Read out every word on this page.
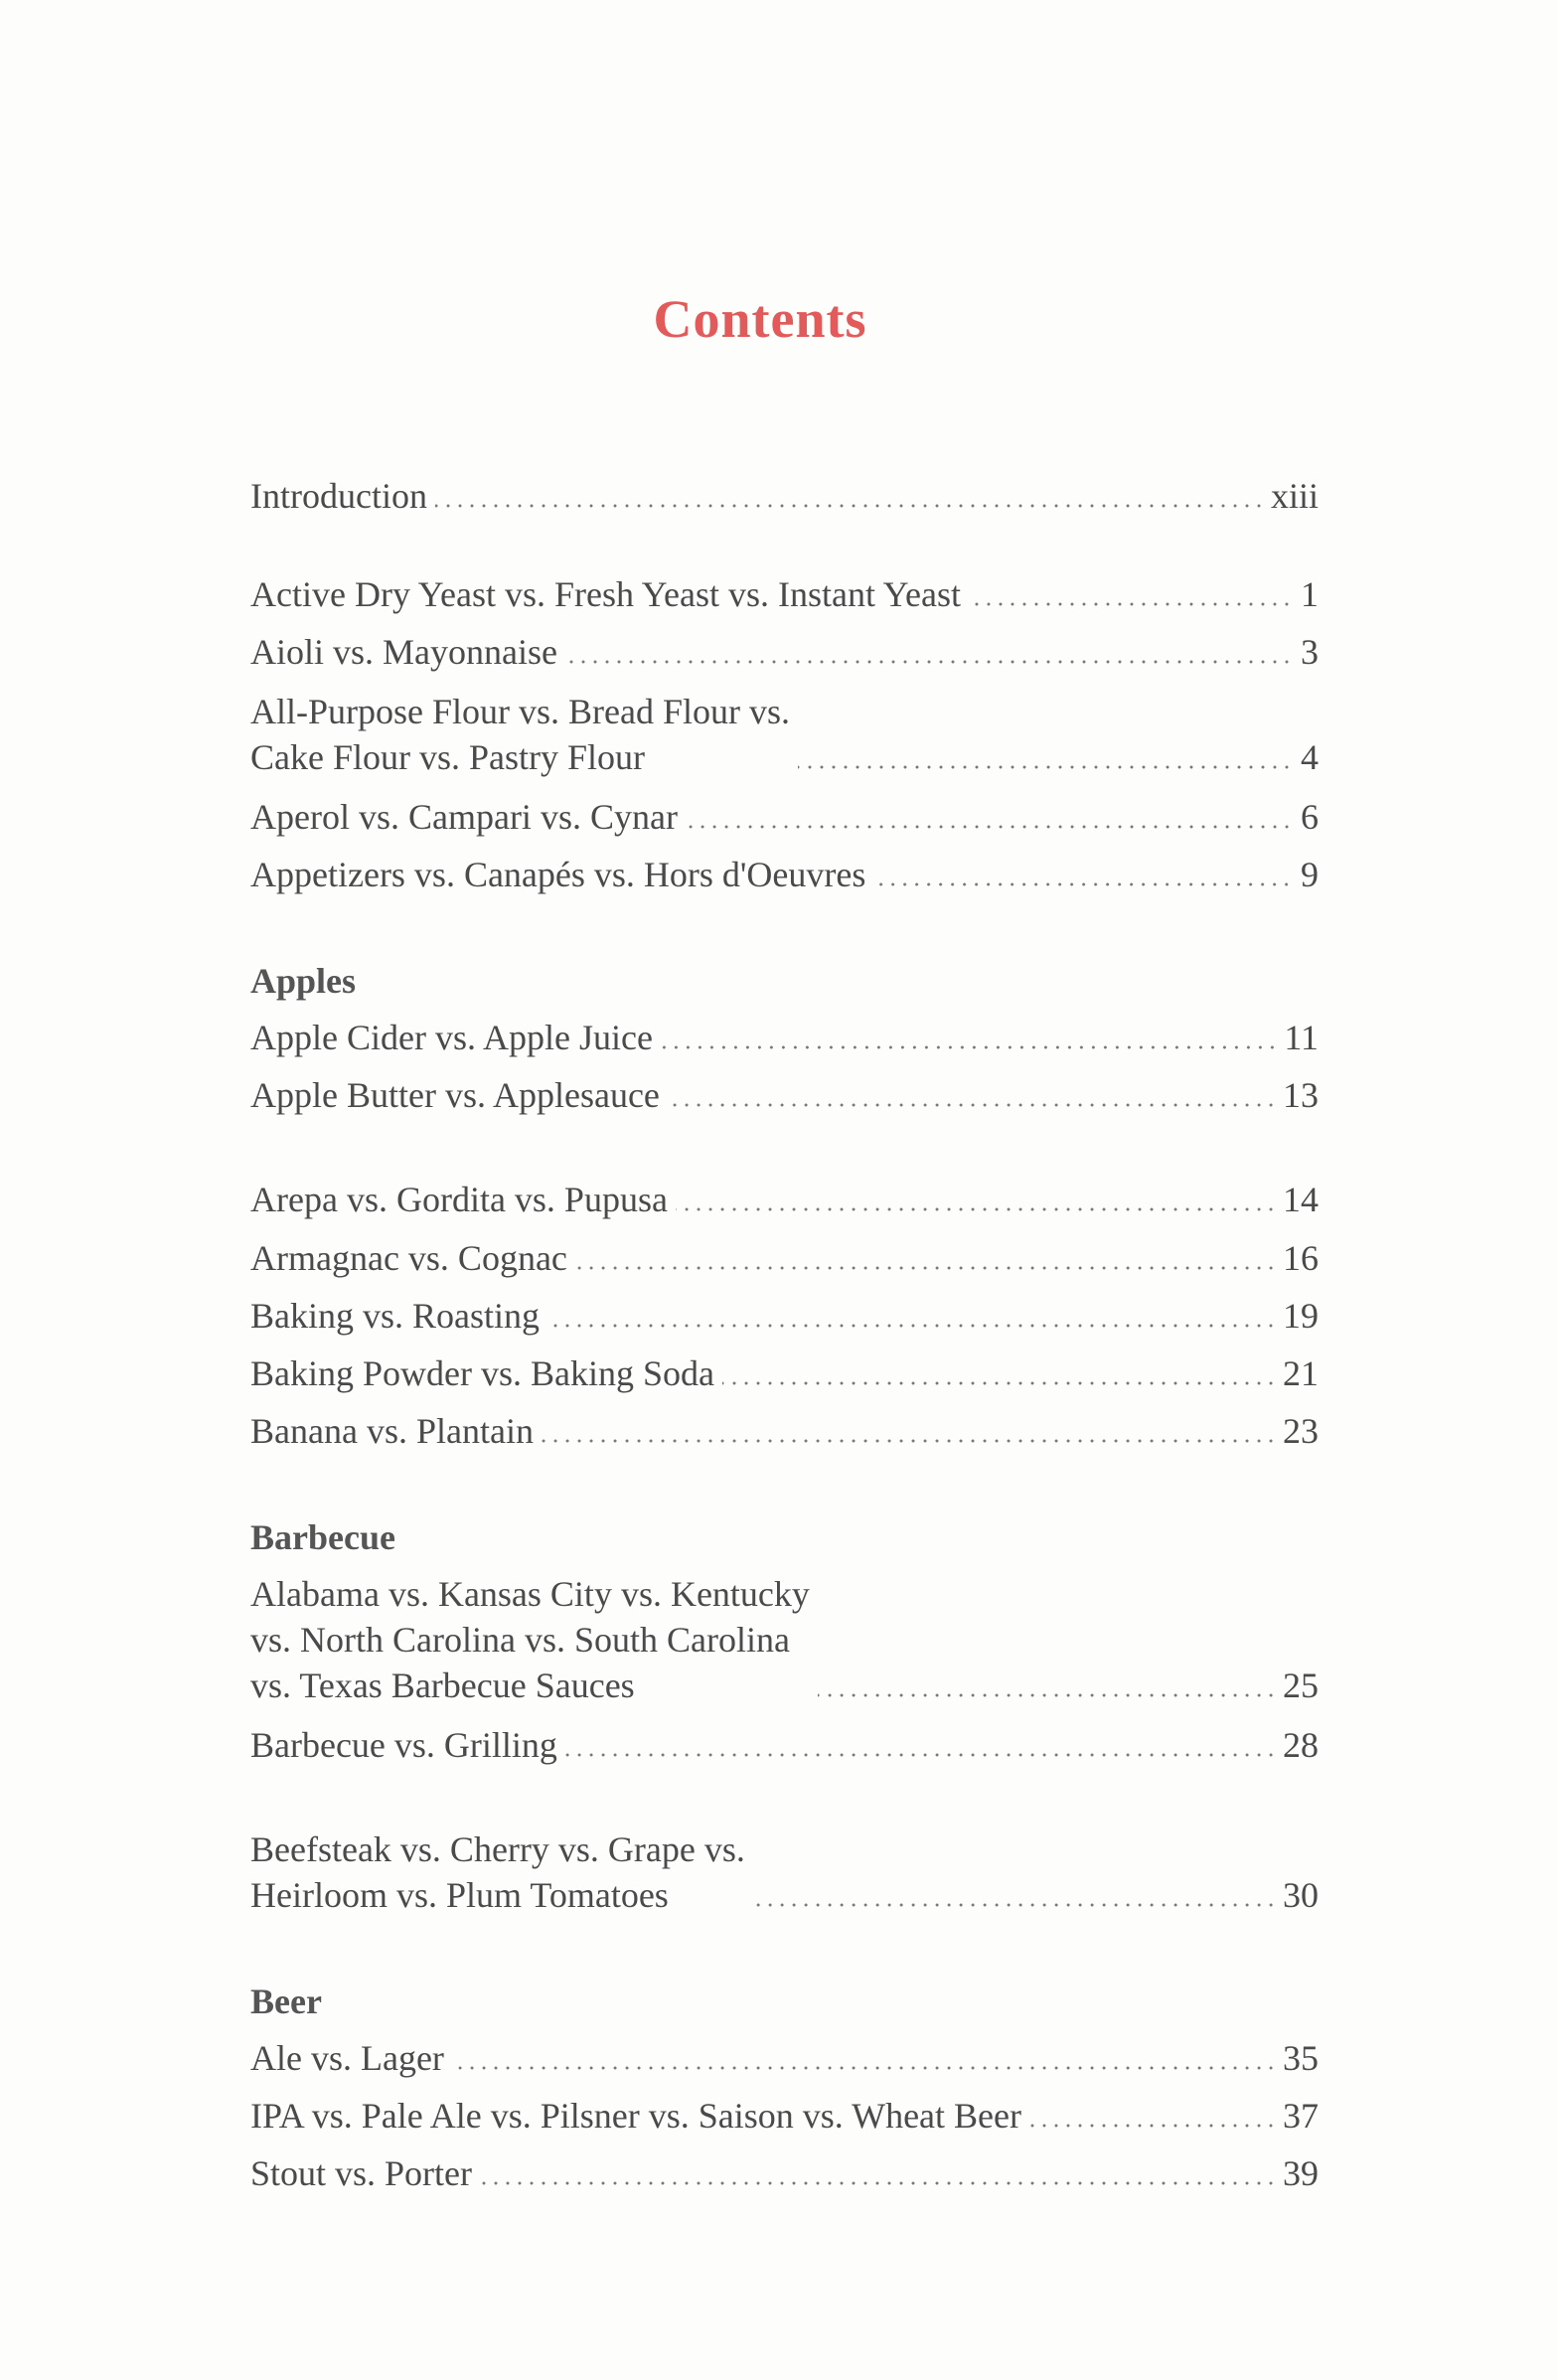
Contents
Introduction	xiii
Active Dry Yeast vs. Fresh Yeast vs. Instant Yeast	1
Aioli vs. Mayonnaise	3
All-Purpose Flour vs. Bread Flour vs.
Cake Flour vs. Pastry Flour	4
Aperol vs. Campari vs. Cynar	6
Appetizers vs. Canapés vs. Hors d'Oeuvres	9
Apples
Apple Cider vs. Apple Juice	11
Apple Butter vs. Applesauce	13
Arepa vs. Gordita vs. Pupusa	14
Armagnac vs. Cognac	16
Baking vs. Roasting	19
Baking Powder vs. Baking Soda	21
Banana vs. Plantain	23
Barbecue
Alabama vs. Kansas City vs. Kentucky
vs. North Carolina vs. South Carolina
vs. Texas Barbecue Sauces	25
Barbecue vs. Grilling	28
Beefsteak vs. Cherry vs. Grape vs.
Heirloom vs. Plum Tomatoes	30
Beer
Ale vs. Lager	35
IPA vs. Pale Ale vs. Pilsner vs. Saison vs. Wheat Beer	37
Stout vs. Porter	39
